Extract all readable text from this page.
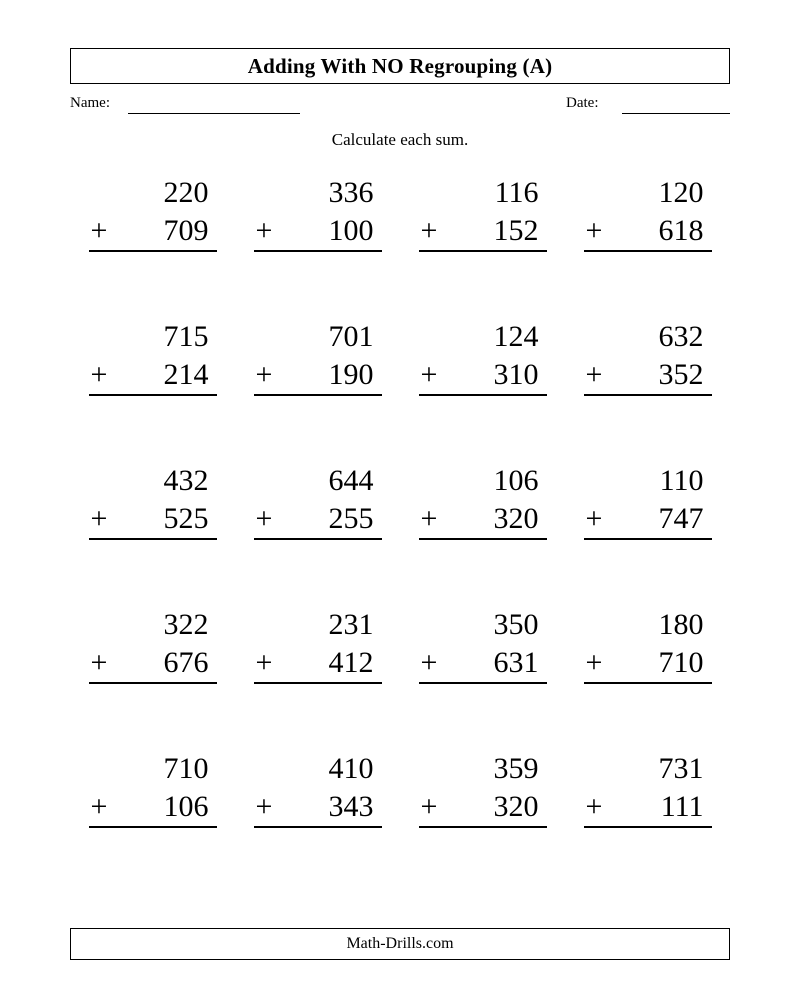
Adding With NO Regrouping (A)
Name:	Date:
Calculate each sum.
220
+ 709
336
+ 100
116
+ 152
120
+ 618
715
+ 214
701
+ 190
124
+ 310
632
+ 352
432
+ 525
644
+ 255
106
+ 320
110
+ 747
322
+ 676
231
+ 412
350
+ 631
180
+ 710
710
+ 106
410
+ 343
359
+ 320
731
+ 111
Math-Drills.com
